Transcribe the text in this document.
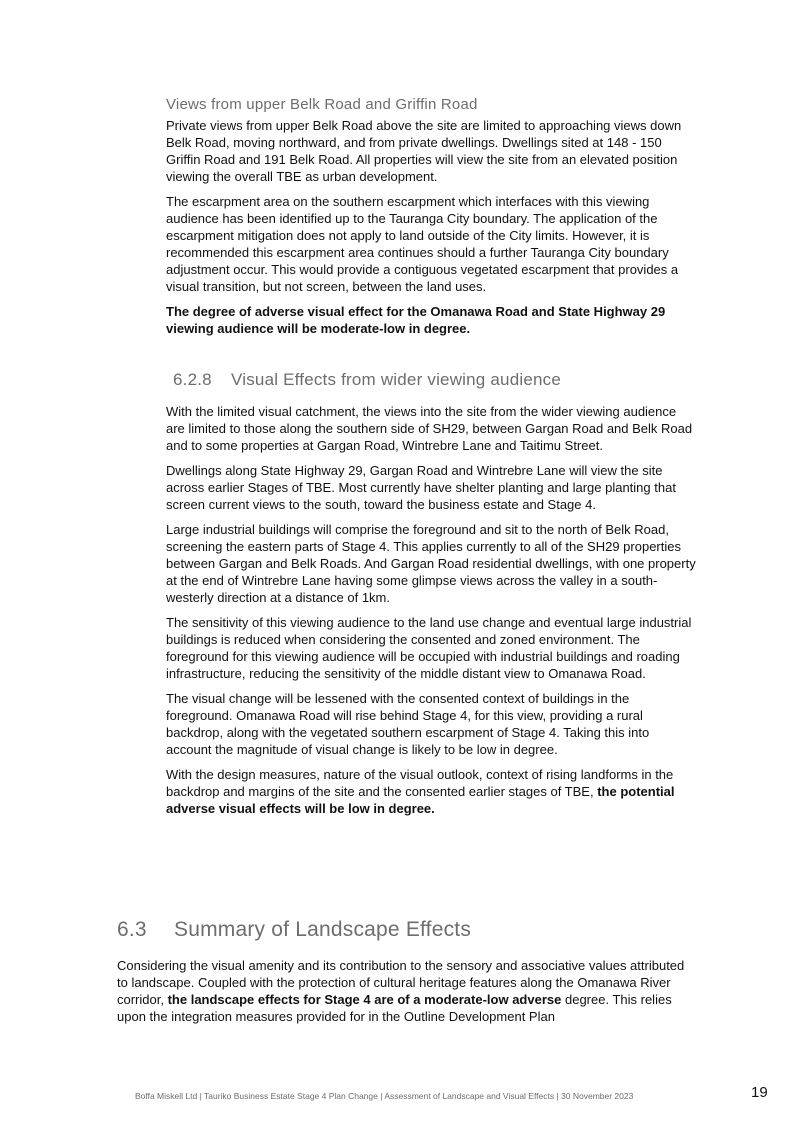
Views from upper Belk Road and Griffin Road

Private views from upper Belk Road above the site are limited to approaching views down Belk Road, moving northward, and from private dwellings. Dwellings sited at 148 - 150 Griffin Road and 191 Belk Road. All properties will view the site from an elevated position viewing the overall TBE as urban development.

The escarpment area on the southern escarpment which interfaces with this viewing audience has been identified up to the Tauranga City boundary. The application of the escarpment mitigation does not apply to land outside of the City limits. However, it is recommended this escarpment area continues should a further Tauranga City boundary adjustment occur. This would provide a contiguous vegetated escarpment that provides a visual transition, but not screen, between the land uses.

The degree of adverse visual effect for the Omanawa Road and State Highway 29 viewing audience will be moderate-low in degree.

6.2.8 Visual Effects from wider viewing audience

With the limited visual catchment, the views into the site from the wider viewing audience are limited to those along the southern side of SH29, between Gargan Road and Belk Road and to some properties at Gargan Road, Wintrebre Lane and Taitimu Street.

Dwellings along State Highway 29, Gargan Road and Wintrebre Lane will view the site across earlier Stages of TBE. Most currently have shelter planting and large planting that screen current views to the south, toward the business estate and Stage 4.

Large industrial buildings will comprise the foreground and sit to the north of Belk Road, screening the eastern parts of Stage 4. This applies currently to all of the SH29 properties between Gargan and Belk Roads. And Gargan Road residential dwellings, with one property at the end of Wintrebre Lane having some glimpse views across the valley in a south-westerly direction at a distance of 1km.

The sensitivity of this viewing audience to the land use change and eventual large industrial buildings is reduced when considering the consented and zoned environment. The foreground for this viewing audience will be occupied with industrial buildings and roading infrastructure, reducing the sensitivity of the middle distant view to Omanawa Road.

The visual change will be lessened with the consented context of buildings in the foreground. Omanawa Road will rise behind Stage 4, for this view, providing a rural backdrop, along with the vegetated southern escarpment of Stage 4. Taking this into account the magnitude of visual change is likely to be low in degree.

With the design measures, nature of the visual outlook, context of rising landforms in the backdrop and margins of the site and the consented earlier stages of TBE, the potential adverse visual effects will be low in degree.

6.3 Summary of Landscape Effects

Considering the visual amenity and its contribution to the sensory and associative values attributed to landscape. Coupled with the protection of cultural heritage features along the Omanawa River corridor, the landscape effects for Stage 4 are of a moderate-low adverse degree. This relies upon the integration measures provided for in the Outline Development Plan

Boffa Miskell Ltd | Tauriko Business Estate Stage 4 Plan Change | Assessment of Landscape and Visual Effects | 30 November 2023	19
